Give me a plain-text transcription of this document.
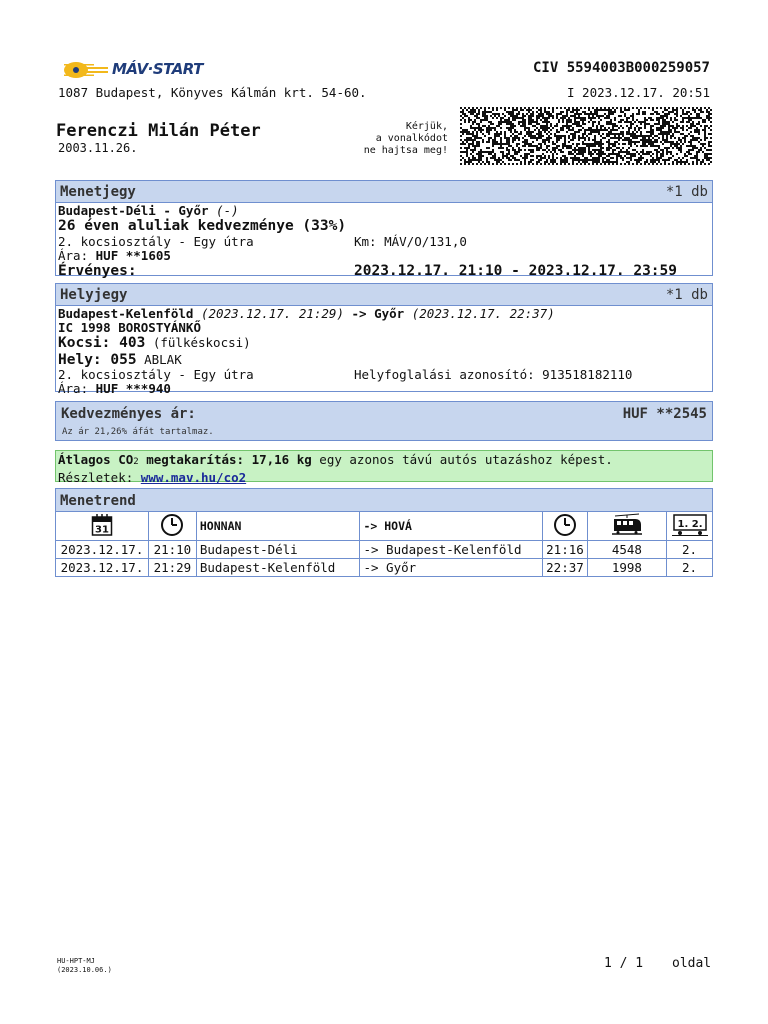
MÁV·START	CIV 5594003B000259057
1087 Budapest, Könyves Kálmán krt. 54-60.	I 2023.12.17. 20:51
Ferenczi Milán Péter
2003.11.26.
Kérjük,
a vonalkódot
ne hajtsa meg!
Menetjegy	*1 db
Budapest-Déli - Győr (-)
26 éven aluliak kedvezménye (33%)
2. kocsiosztály - Egy útra	Km: MÁV/O/131,0
Ára: HUF **1605
Érvényes:	2023.12.17. 21:10 - 2023.12.17. 23:59
Helyjegy	*1 db
Budapest-Kelenföld (2023.12.17. 21:29) -> Győr (2023.12.17. 22:37)
IC 1998 BOROSTYÁNKŐ
Kocsi: 403 (fülkéskocsi)
Hely: 055 ABLAK
2. kocsiosztály - Egy útra	Helyfoglalási azonosító: 913518182110
Ára: HUF ***940
Kedvezményes ár:	HUF **2545
Az ár 21,26% áfát tartalmaz.
Átlagos CO2 megtakarítás: 17,16 kg egy azonos távú autós utazáshoz képest.
Részletek: www.mav.hu/co2
Menetrend
31		HONNAN	-> HOVÁ			1. 2.

2023.12.17.	21:10	Budapest-Déli	-> Budapest-Kelenföld	21:16	4548	2.
2023.12.17.	21:29	Budapest-Kelenföld	-> Győr	22:37	1998	2.
HU-HPT-MJ
(2023.10.06.)	1 / 1 oldal
